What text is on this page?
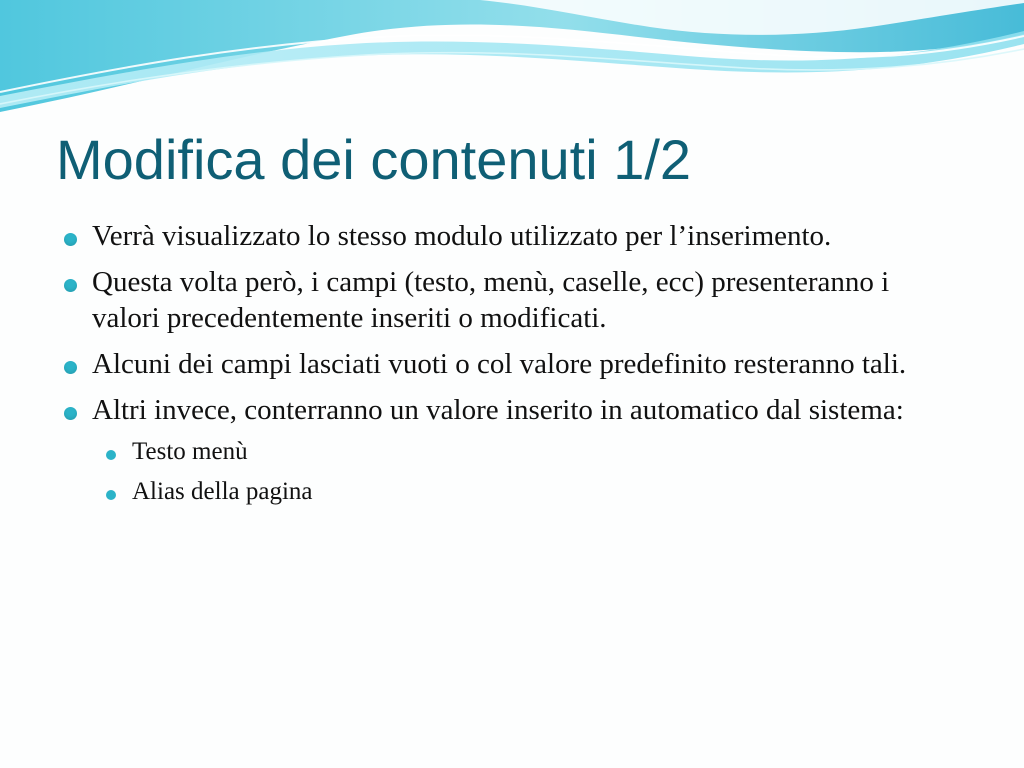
Modifica dei contenuti 1/2
Verrà visualizzato lo stesso modulo utilizzato per l’inserimento.
Questa volta però, i campi (testo, menù, caselle, ecc) presenteranno i valori precedentemente inseriti o modificati.
Alcuni dei campi lasciati vuoti o col valore predefinito resteranno tali.
Altri invece, conterranno un valore inserito in automatico dal sistema:
Testo menù
Alias della pagina
